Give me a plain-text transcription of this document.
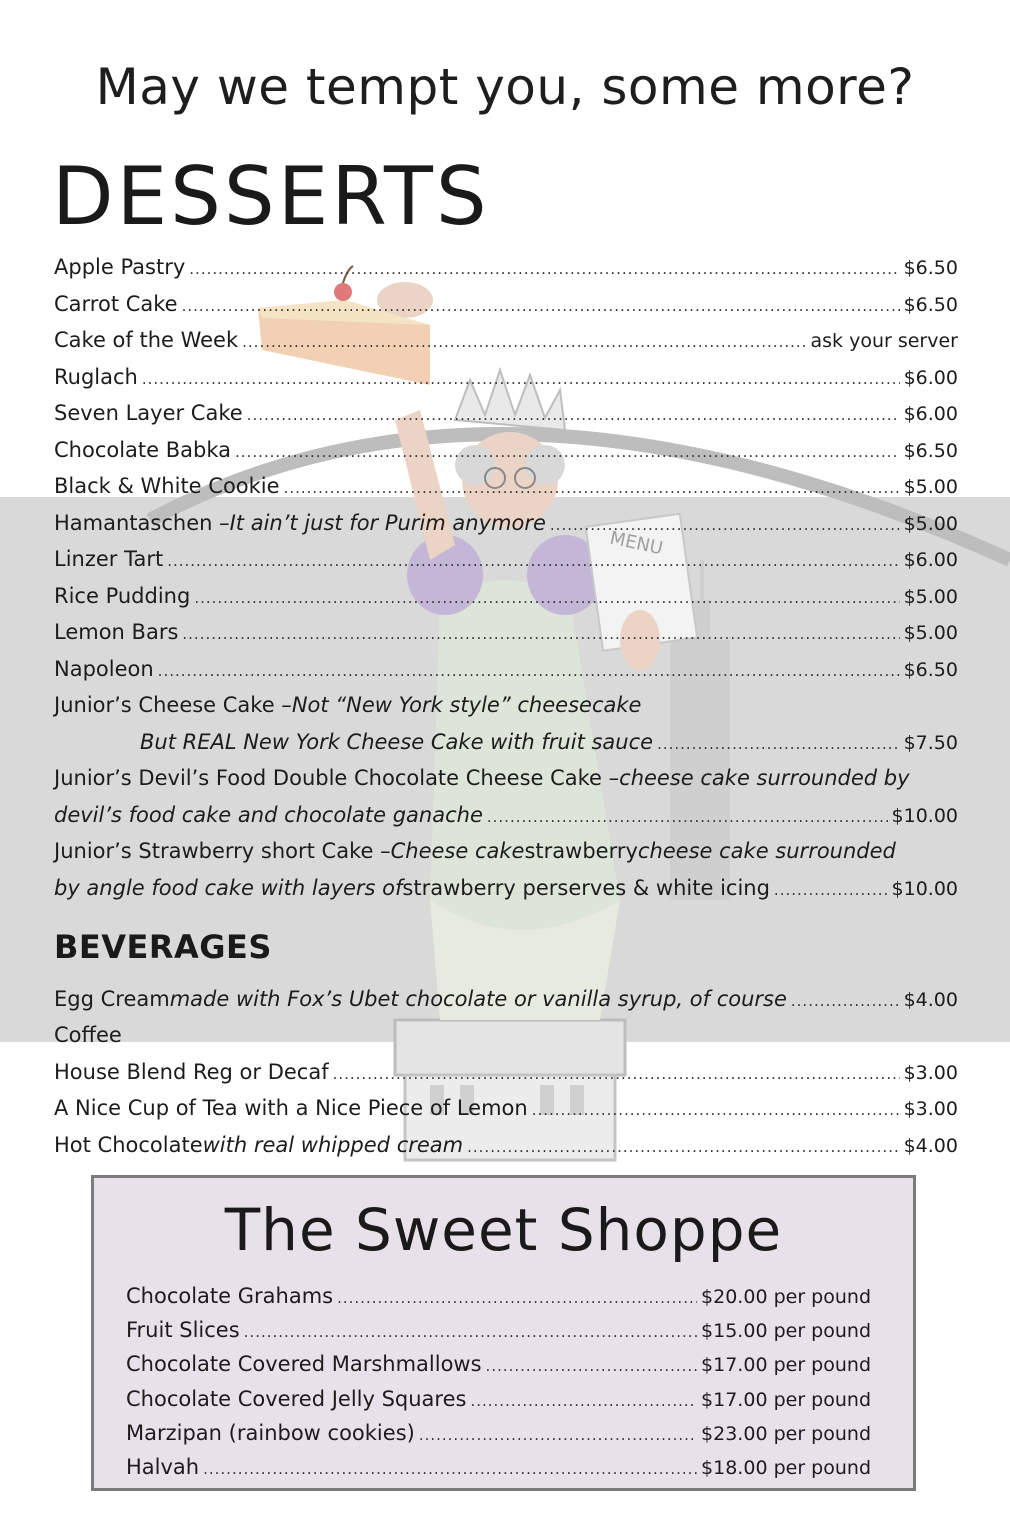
MENU
May we tempt you, some more?
DESSERTS
Apple Pastry .....	$6.50
Carrot Cake .....	$6.50
Cake of the Week .....	ask your server
Ruglach .....	$6.00
Seven Layer Cake .....	$6.00
Chocolate Babka .....	$6.50
Black & White Cookie .....	$5.00
Hamantaschen – It ain’t just for Purim anymore .....	$5.00
Linzer Tart .....	$6.00
Rice Pudding .....	$5.00
Lemon Bars .....	$5.00
Napoleon .....	$6.50
Junior’s Cheese Cake – Not “New York style” cheesecake
But REAL New York Cheese Cake with fruit sauce .....	$7.50
Junior’s Devil’s Food Double Chocolate Cheese Cake – cheese cake surrounded by
devil’s food cake and chocolate ganache .....	$10.00
Junior’s Strawberry short Cake – Cheese cake strawberry cheese cake surrounded
by angle food cake with layers of strawberry perserves & white icing .....	$10.00
BEVERAGES
Egg Cream made with Fox’s Ubet chocolate or vanilla syrup, of course .....	$4.00
Coffee
House Blend Reg or Decaf .....	$3.00
A Nice Cup of Tea with a Nice Piece of Lemon .....	$3.00
Hot Chocolate with real whipped cream .....	$4.00
The Sweet Shoppe
Chocolate Grahams .....	$20.00 per pound
Fruit Slices .....	$15.00 per pound
Chocolate Covered Marshmallows .....	$17.00 per pound
Chocolate Covered Jelly Squares .....	$17.00 per pound
Marzipan (rainbow cookies) .....	$23.00 per pound
Halvah .....	$18.00 per pound
